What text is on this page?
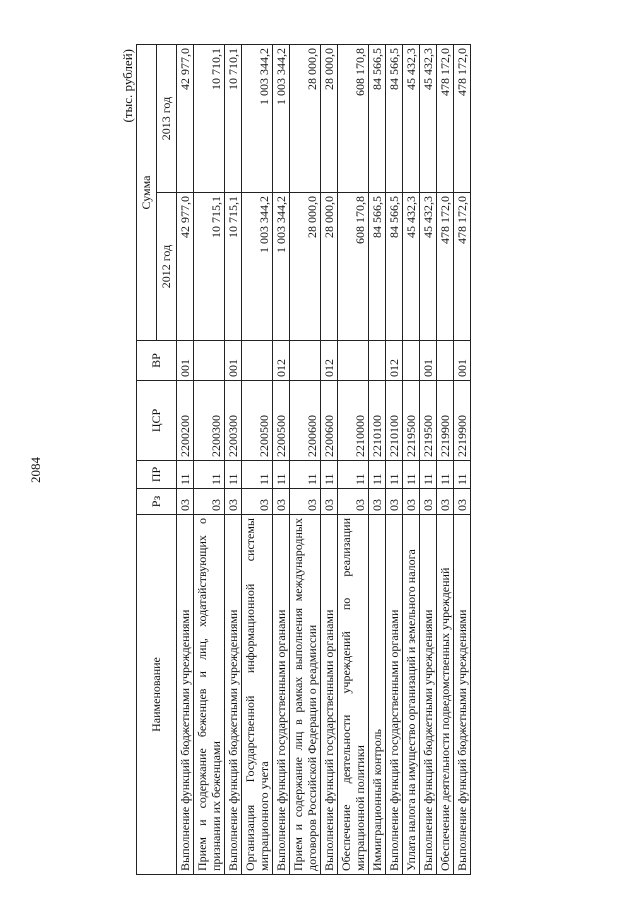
2084
(тыс. рублей)
Наименование	Рз	ПР	ЦСР	ВР	Сумма	
					2012 год	2013 год
Выполнение функций бюджетными учреждениями	03	11	2200200	001	42 977,0	42 977,0
Прием и содержание беженцев и лиц, ходатайствующих о признании их беженцами	03	11	2200300		10 715,1	10 710,1
Выполнение функций бюджетными учреждениями	03	11	2200300	001	10 715,1	10 710,1
Организация Государственной информационной системы миграционного учета	03	11	2200500		1 003 344,2	1 003 344,2
Выполнение функций государственными органами	03	11	2200500	012	1 003 344,2	1 003 344,2
Прием и содержание лиц в рамках выполнения международных договоров Российской Федерации о реадмиссии	03	11	2200600		28 000,0	28 000,0
Выполнение функций государственными органами	03	11	2200600	012	28 000,0	28 000,0
Обеспечение деятельности учреждений по реализации миграционной политики	03	11	2210000		608 170,8	608 170,8
Иммиграционный контроль	03	11	2210100		84 566,5	84 566,5
Выполнение функций государственными органами	03	11	2210100	012	84 566,5	84 566,5
Уплата налога на имущество организаций и земельного налога	03	11	2219500		45 432,3	45 432,3
Выполнение функций бюджетными учреждениями	03	11	2219500	001	45 432,3	45 432,3
Обеспечение деятельности подведомственных учреждений	03	11	2219900		478 172,0	478 172,0
Выполнение функций бюджетными учреждениями	03	11	2219900	001	478 172,0	478 172,0
